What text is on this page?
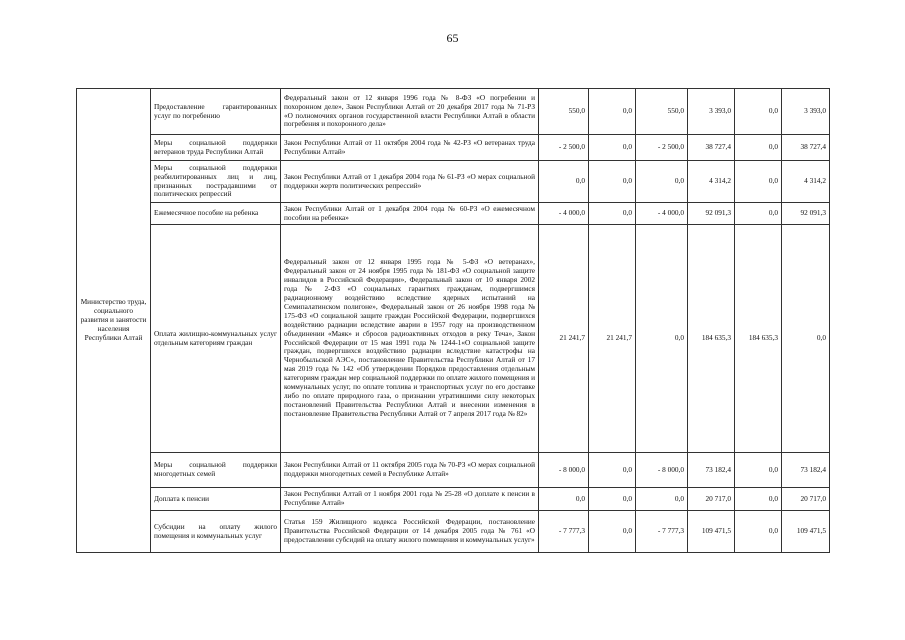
65
Министерство труда, социального развития и занятости населения Республики Алтай	Предоставление гарантированных услуг по погребению	Федеральный закон от 12 января 1996 года № 8-ФЗ «О погребении и похоронном деле», Закон Республики Алтай от 20 декабря 2017 года № 71-РЗ «О полномочиях органов государственной власти Республики Алтай в области погребения и похоронного дела»	550,0	0,0	550,0	3 393,0	0,0	3 393,0
	Меры социальной поддержки ветеранов труда Республики Алтай	Закон Республики Алтай от 11 октября 2004 года № 42-РЗ «О ветеранах труда Республики Алтай»	- 2 500,0	0,0	- 2 500,0	38 727,4	0,0	38 727,4
	Меры социальной поддержки реабилитированных лиц и лиц, признанных пострадавшими от политических репрессий	Закон Республики Алтай от 1 декабря 2004 года № 61-РЗ «О мерах социальной поддержки жертв политических репрессий»	0,0	0,0	0,0	4 314,2	0,0	4 314,2
	Ежемесячное пособие на ребенка	Закон Республики Алтай от 1 декабря 2004 года № 60-РЗ «О ежемесячном пособии на ребенка»	- 4 000,0	0,0	- 4 000,0	92 091,3	0,0	92 091,3
	Оплата жилищно-коммунальных услуг отдельным категориям граждан	Федеральный закон от 12 января 1995 года № 5-ФЗ «О ветеранах», Федеральный закон от 24 ноября 1995 года № 181-ФЗ «О социальной защите инвалидов в Российской Федерации», Федеральный закон от 10 января 2002 года № 2-ФЗ «О социальных гарантиях гражданам, подвергшимся радиационному воздействию вследствие ядерных испытаний на Семипалатинском полигоне», Федеральный закон от 26 ноября 1998 года № 175-ФЗ «О социальной защите граждан Российской Федерации, подвергшихся воздействию радиации вследствие аварии в 1957 году на производственном объединении «Маяк» и сбросов радиоактивных отходов в реку Теча», Закон Российской Федерации от 15 мая 1991 года № 1244-1«О социальной защите граждан, подвергшихся воздействию радиации вследствие катастрофы на Чернобыльской АЭС», постановление Правительства Республики Алтай от 17 мая 2019 года № 142 «Об утверждении Порядков предоставления отдельным категориям граждан мер социальной поддержки по оплате жилого помещения и коммунальных услуг, по оплате топлива и транспортных услуг по его доставке либо по оплате природного газа, о признании утратившими силу некоторых постановлений Правительства Республики Алтай и внесении изменения в постановление Правительства Республики Алтай от 7 апреля 2017 года № 82»	21 241,7	21 241,7	0,0	184 635,3	184 635,3	0,0
	Меры социальной поддержки многодетных семей	Закон Республики Алтай от 11 октября 2005 года № 70-РЗ «О мерах социальной поддержки многодетных семей в Республике Алтай»	- 8 000,0	0,0	- 8 000,0	73 182,4	0,0	73 182,4
	Доплата к пенсии	Закон Республики Алтай от 1 ноября 2001 года № 25-28 «О доплате к пенсии в Республике Алтай»	0,0	0,0	0,0	20 717,0	0,0	20 717,0
	Субсидии на оплату жилого помещения и коммунальных услуг	Статья 159 Жилищного кодекса Российской Федерации, постановление Правительства Российской Федерации от 14 декабря 2005 года № 761 «О предоставлении субсидий на оплату жилого помещения и коммунальных услуг»	- 7 777,3	0,0	- 7 777,3	109 471,5	0,0	109 471,5
